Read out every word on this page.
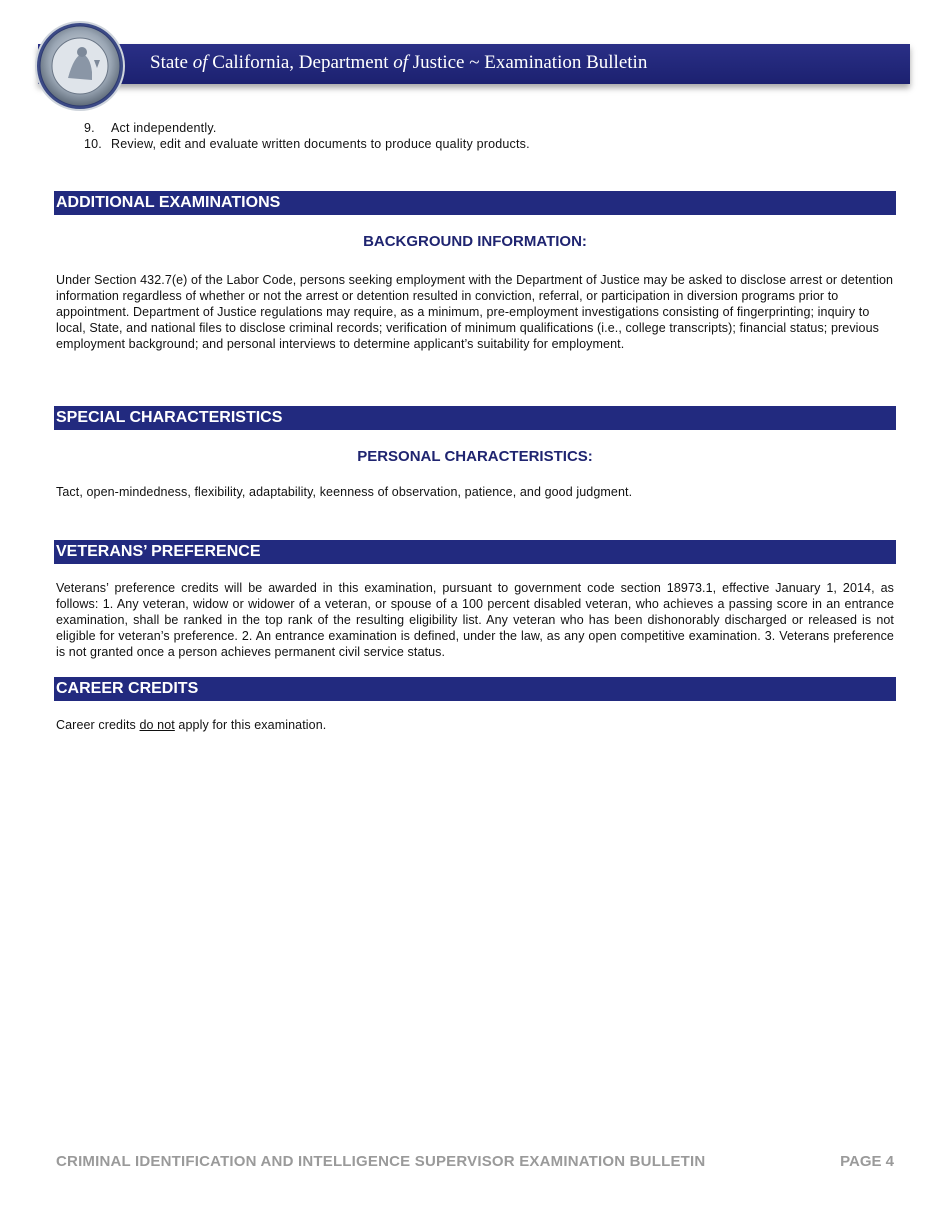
State of California, Department of Justice ~ Examination Bulletin
9.	Act independently.
10. Review, edit and evaluate written documents to produce quality products.
ADDITIONAL EXAMINATIONS
BACKGROUND INFORMATION:
Under Section 432.7(e) of the Labor Code, persons seeking employment with the Department of Justice may be asked to disclose arrest or detention information regardless of whether or not the arrest or detention resulted in conviction, referral, or participation in diversion programs prior to appointment. Department of Justice regulations may require, as a minimum, pre-employment investigations consisting of fingerprinting; inquiry to local, State, and national files to disclose criminal records; verification of minimum qualifications (i.e., college transcripts); financial status; previous employment background; and personal interviews to determine applicant’s suitability for employment.
SPECIAL CHARACTERISTICS
PERSONAL CHARACTERISTICS:
Tact, open-mindedness, flexibility, adaptability, keenness of observation, patience, and good judgment.
VETERANS’ PREFERENCE
Veterans’ preference credits will be awarded in this examination, pursuant to government code section 18973.1, effective January 1, 2014, as follows: 1. Any veteran, widow or widower of a veteran, or spouse of a 100 percent disabled veteran, who achieves a passing score in an entrance examination, shall be ranked in the top rank of the resulting eligibility list. Any veteran who has been dishonorably discharged or released is not eligible for veteran’s preference. 2. An entrance examination is defined, under the law, as any open competitive examination. 3. Veterans preference is not granted once a person achieves permanent civil service status.
CAREER CREDITS
Career credits do not apply for this examination.
CRIMINAL IDENTIFICATION AND INTELLIGENCE SUPERVISOR EXAMINATION BULLETIN	PAGE 4
